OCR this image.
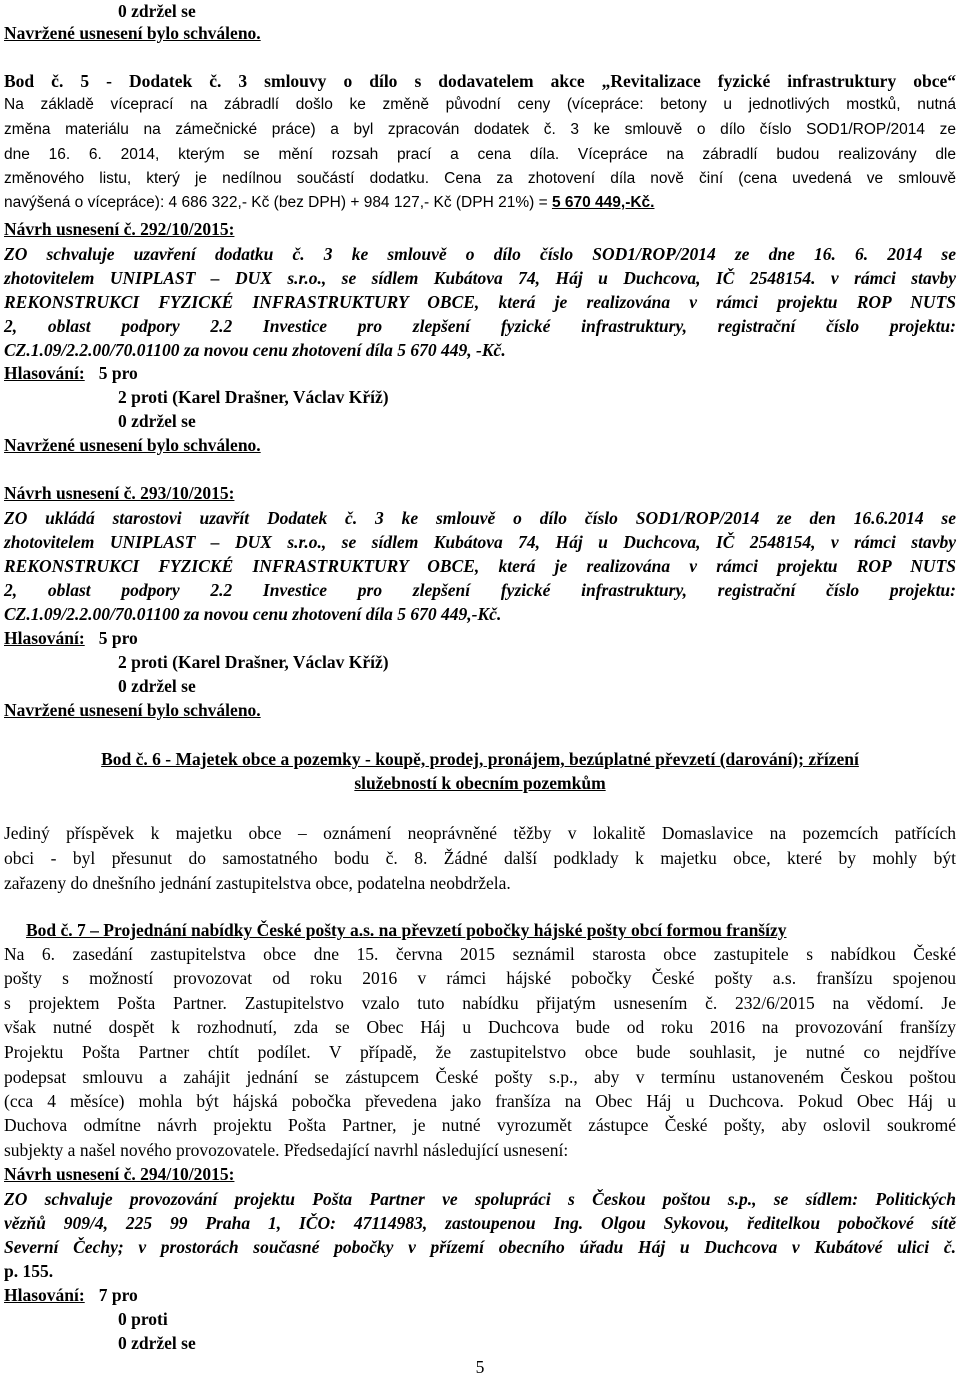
0 zdržel se
Navržené usnesení bylo schváleno.
Bod č. 5 - Dodatek č. 3 smlouvy o dílo s dodavatelem akce „Revitalizace fyzické infrastruktury obce“
Na základě víceprací na zábradlí došlo ke změně původní ceny (vícepráce: betony u jednotlivých mostků, nutná
změna materiálu na zámečnické práce) a byl zpracován dodatek č. 3 ke smlouvě o dílo číslo SOD1/ROP/2014 ze
dne 16. 6. 2014, kterým se mění rozsah prací a cena díla. Vícepráce na zábradlí budou realizovány dle
změnového listu, který je nedílnou součástí dodatku. Cena za zhotovení díla nově činí (cena uvedená ve smlouvě
navýšená o vícepráce): 4 686 322,- Kč (bez DPH) + 984 127,- Kč (DPH 21%) = 5 670 449,-Kč.
Návrh usnesení č. 292/10/2015:
ZO schvaluje uzavření dodatku č. 3 ke smlouvě o dílo číslo SOD1/ROP/2014 ze dne 16. 6. 2014 se
zhotovitelem UNIPLAST – DUX s.r.o., se sídlem Kubátova 74, Háj u Duchcova, IČ 2548154. v rámci stavby
REKONSTRUKCI FYZICKÉ INFRASTRUKTURY OBCE, která je realizována v rámci projektu ROP NUTS
2, oblast podpory 2.2 Investice pro zlepšení fyzické infrastruktury, registrační číslo projektu:
CZ.1.09/2.2.00/70.01100 za novou cenu zhotovení díla 5 670 449, -Kč.
Hlasování: 5 pro
2 proti (Karel Drašner, Václav Kříž)
0 zdržel se
Navržené usnesení bylo schváleno.
Návrh usnesení č. 293/10/2015:
ZO ukládá starostovi uzavřít Dodatek č. 3 ke smlouvě o dílo číslo SOD1/ROP/2014 ze den 16.6.2014 se
zhotovitelem UNIPLAST – DUX s.r.o., se sídlem Kubátova 74, Háj u Duchcova, IČ 2548154, v rámci stavby
REKONSTRUKCI FYZICKÉ INFRASTRUKTURY OBCE, která je realizována v rámci projektu ROP NUTS
2, oblast podpory 2.2 Investice pro zlepšení fyzické infrastruktury, registrační číslo projektu:
CZ.1.09/2.2.00/70.01100 za novou cenu zhotovení díla 5 670 449,-Kč.
Hlasování: 5 pro
2 proti (Karel Drašner, Václav Kříž)
0 zdržel se
Navržené usnesení bylo schváleno.
Bod č. 6 - Majetek obce a pozemky - koupě, prodej, pronájem, bezúplatné převzetí (darování); zřízení
služebností k obecním pozemkům
Jediný příspěvek k majetku obce – oznámení neoprávněné těžby v lokalitě Domaslavice na pozemcích patřících
obci - byl přesunut do samostatného bodu č. 8. Žádné další podklady k majetku obce, které by mohly být
zařazeny do dnešního jednání zastupitelstva obce, podatelna neobdržela.
Bod č. 7 – Projednání nabídky České pošty a.s. na převzetí pobočky hájské pošty obcí formou franšízy
Na 6. zasedání zastupitelstva obce dne 15. června 2015 seznámil starosta obce zastupitele s nabídkou České
pošty s možností provozovat od roku 2016 v rámci hájské pobočky České pošty a.s. franšízu spojenou
s projektem Pošta Partner. Zastupitelstvo vzalo tuto nabídku přijatým usnesením č. 232/6/2015 na vědomí. Je
však nutné dospět k rozhodnutí, zda se Obec Háj u Duchcova bude od roku 2016 na provozování franšízy
Projektu Pošta Partner chtít podílet. V případě, že zastupitelstvo obce bude souhlasit, je nutné co nejdříve
podepsat smlouvu a zahájit jednání se zástupcem České pošty s.p., aby v termínu ustanoveném Českou poštou
(cca 4 měsíce) mohla být hájská pobočka převedena jako franšíza na Obec Háj u Duchcova. Pokud Obec Háj u
Duchova odmítne návrh projektu Pošta Partner, je nutné vyrozumět zástupce České pošty, aby oslovil soukromé
subjekty a našel nového provozovatele. Předsedající navrhl následující usnesení:
Návrh usnesení č. 294/10/2015:
ZO schvaluje provozování projektu Pošta Partner ve spolupráci s Českou poštou s.p., se sídlem: Politických
vězňů 909/4, 225 99 Praha 1, IČO: 47114983, zastoupenou Ing. Olgou Sykovou, ředitelkou pobočkové sítě
Severní Čechy; v prostorách současné pobočky v přízemí obecního úřadu Háj u Duchcova v Kubátové ulici č.
p. 155.
Hlasování: 7 pro
0 proti
0 zdržel se
5
